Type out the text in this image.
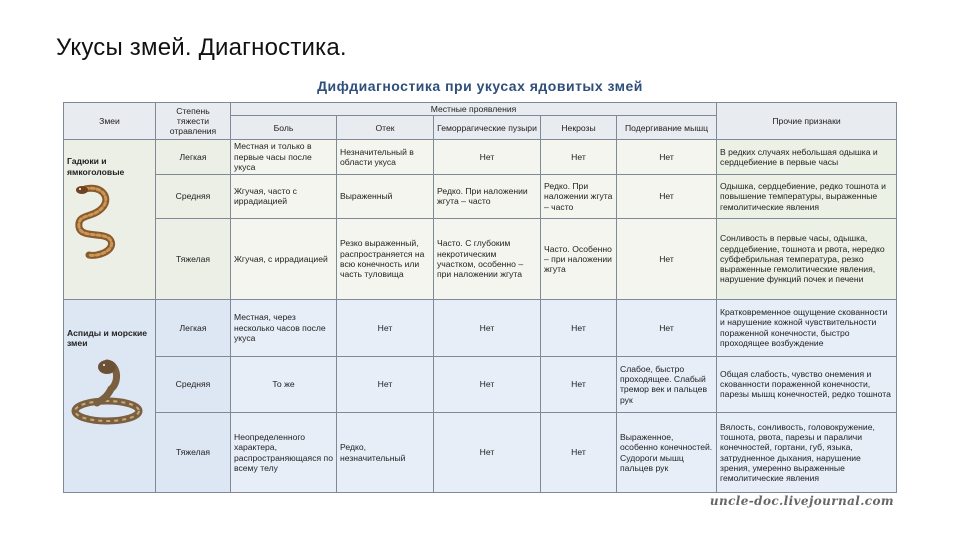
Укусы змей. Диагностика.
Дифдиагностика при укусах ядовитых змей
Змеи	Степень тяжести отравления	Местные проявления					Прочие признаки
		Боль	Отек	Геморрагические пузыри	Некрозы	Подергивание мышц	

Гадюки и ямкоголовые	Легкая	Местная и только в первые часы после укуса	Незначительный в области укуса	Нет	Нет	Нет	В редких случаях небольшая одышка и сердцебиение в первые часы
	Средняя	Жгучая, часто с иррадиацией	Выраженный	Редко. При наложении жгута – часто	Редко. При наложении жгута – часто	Нет	Одышка, сердцебиение, редко тошнота и повышение температуры, выраженные гемолитические явления
	Тяжелая	Жгучая, с иррадиацией	Резко выраженный, распространяется на всю конечность или часть туловища	Часто. С глубоким некротическим участком, особенно – при наложении жгута	Часто. Особенно – при наложении жгута	Нет	Сонливость в первые часы, одышка, сердцебиение, тошнота и рвота, нередко субфебрильная температура, резко выраженные гемолитические явления, нарушение функций почек и печени

Аспиды и морские змеи	Легкая	Местная, через несколько часов после укуса	Нет	Нет	Нет	Нет	Кратковременное ощущение скованности и нарушение кожной чувствительности пораженной конечности, быстро проходящее возбуждение
	Средняя	То же	Нет	Нет	Нет	Слабое, быстро проходящее. Слабый тремор век и пальцев рук	Общая слабость, чувство онемения и скованности пораженной конечности, парезы мышц конечностей, редко тошнота
	Тяжелая	Неопределенного характера, распространяющаяся по всему телу	Редко, незначительный	Нет	Нет	Выраженное, особенно конечностей. Судороги мышц пальцев рук	Вялость, сонливость, головокружение, тошнота, рвота, парезы и параличи конечностей, гортани, губ, языка, затрудненное дыхания, нарушение зрения, умеренно выраженные гемолитические явления
uncle-doc.livejournal.com
